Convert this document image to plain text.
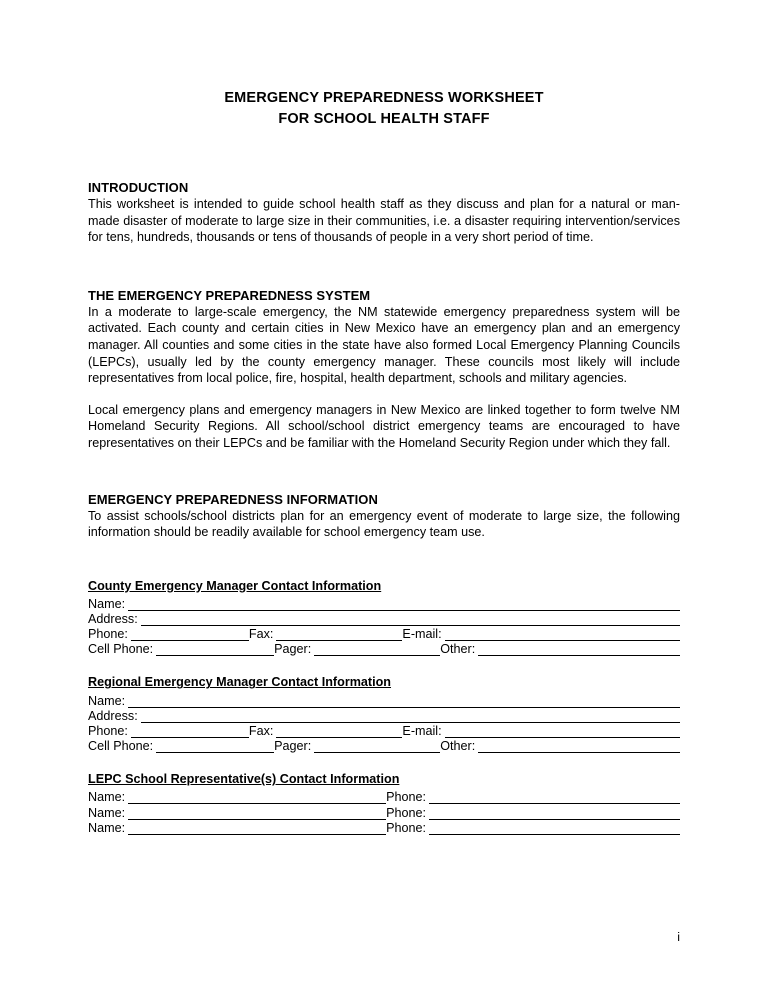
EMERGENCY PREPAREDNESS WORKSHEET
FOR SCHOOL HEALTH STAFF
INTRODUCTION

This worksheet is intended to guide school health staff as they discuss and plan for a natural or man-made disaster of moderate to large size in their communities, i.e. a disaster requiring intervention/services for tens, hundreds, thousands or tens of thousands of people in a very short period of time.

THE EMERGENCY PREPAREDNESS SYSTEM

In a moderate to large-scale emergency, the NM statewide emergency preparedness system will be activated. Each county and certain cities in New Mexico have an emergency plan and an emergency manager. All counties and some cities in the state have also formed Local Emergency Planning Councils (LEPCs), usually led by the county emergency manager. These councils most likely will include representatives from local police, fire, hospital, health department, schools and military agencies.

Local emergency plans and emergency managers in New Mexico are linked together to form twelve NM Homeland Security Regions. All school/school district emergency teams are encouraged to have representatives on their LEPCs and be familiar with the Homeland Security Region under which they fall.

EMERGENCY PREPAREDNESS INFORMATION

To assist schools/school districts plan for an emergency event of moderate to large size, the following information should be readily available for school emergency team use.

County Emergency Manager Contact Information
Name:
Address:
Phone:	Fax:	E-mail:
Cell Phone:	Pager:	Other:
Regional Emergency Manager Contact Information
Name:
Address:
Phone:	Fax:	E-mail:
Cell Phone:	Pager:	Other:
LEPC School Representative(s) Contact Information
Name:	Phone:
Name:	Phone:
Name:	Phone:
i
